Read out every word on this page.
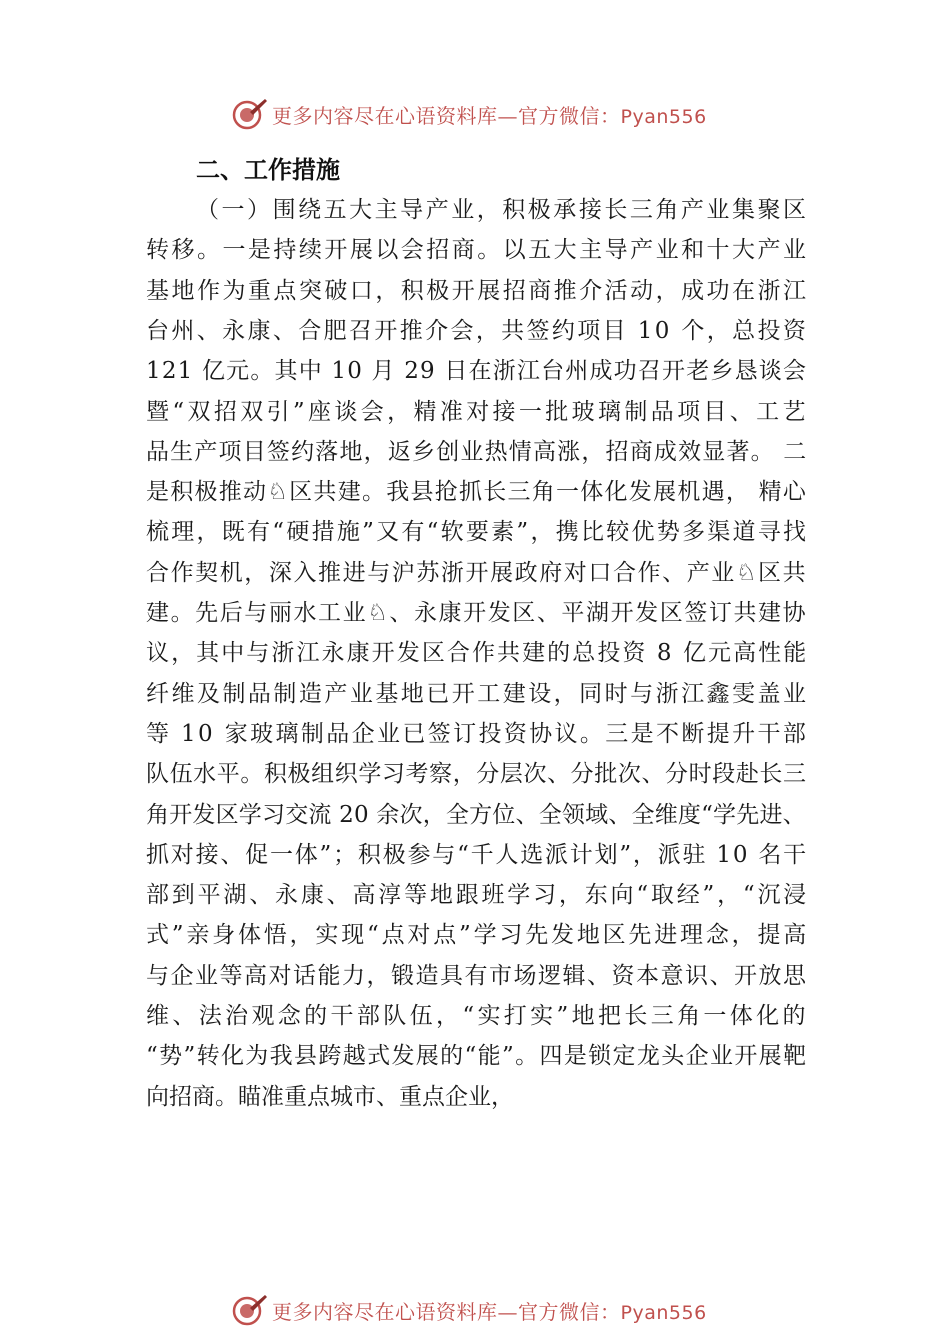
更多内容尽在心语资料库—官方微信：Pyan556
二、工作措施
（一）围绕五大主导产业，积极承接长三角产业集聚区
转移。一是持续开展以会招商。以五大主导产业和十大产业
基地作为重点突破口，积极开展招商推介活动，成功在浙江
台州、永康、合肥召开推介会，共签约项目 10 个，总投资
121 亿元。其中 10 月 29 日在浙江台州成功召开老乡恳谈会
暨“双招双引”座谈会，精准对接一批玻璃制品项目、工艺
品生产项目签约落地，返乡创业热情高涨，招商成效显著。 二
是积极推动♘区共建。我县抢抓长三角一体化发展机遇， 精心
梳理，既有“硬措施”又有“软要素”，携比较优势多渠道寻找
合作契机，深入推进与沪苏浙开展政府对口合作、产业♘区共
建。先后与丽水工业♘、永康开发区、平湖开发区签订共建协
议，其中与浙江永康开发区合作共建的总投资 8 亿元高性能
纤维及制品制造产业基地已开工建设，同时与浙江鑫雯盖业
等 10 家玻璃制品企业已签订投资协议。三是不断提升干部
队伍水平。积极组织学习考察，分层次、分批次、分时段赴长三
角开发区学习交流 20 余次，全方位、全领域、全维度“学先进、
抓对接、促一体”；积极参与“千人选派计划”，派驻 10 名干
部到平湖、永康、高淳等地跟班学习，东向“取经”，“沉浸
式”亲身体悟，实现“点对点”学习先发地区先进理念，提高
与企业等高对话能力，锻造具有市场逻辑、资本意识、开放思
维、法治观念的干部队伍，“实打实”地把长三角一体化的
“势”转化为我县跨越式发展的“能”。四是锁定龙头企业开展靶
向招商。瞄准重点城市、重点企业，
更多内容尽在心语资料库—官方微信：Pyan556
